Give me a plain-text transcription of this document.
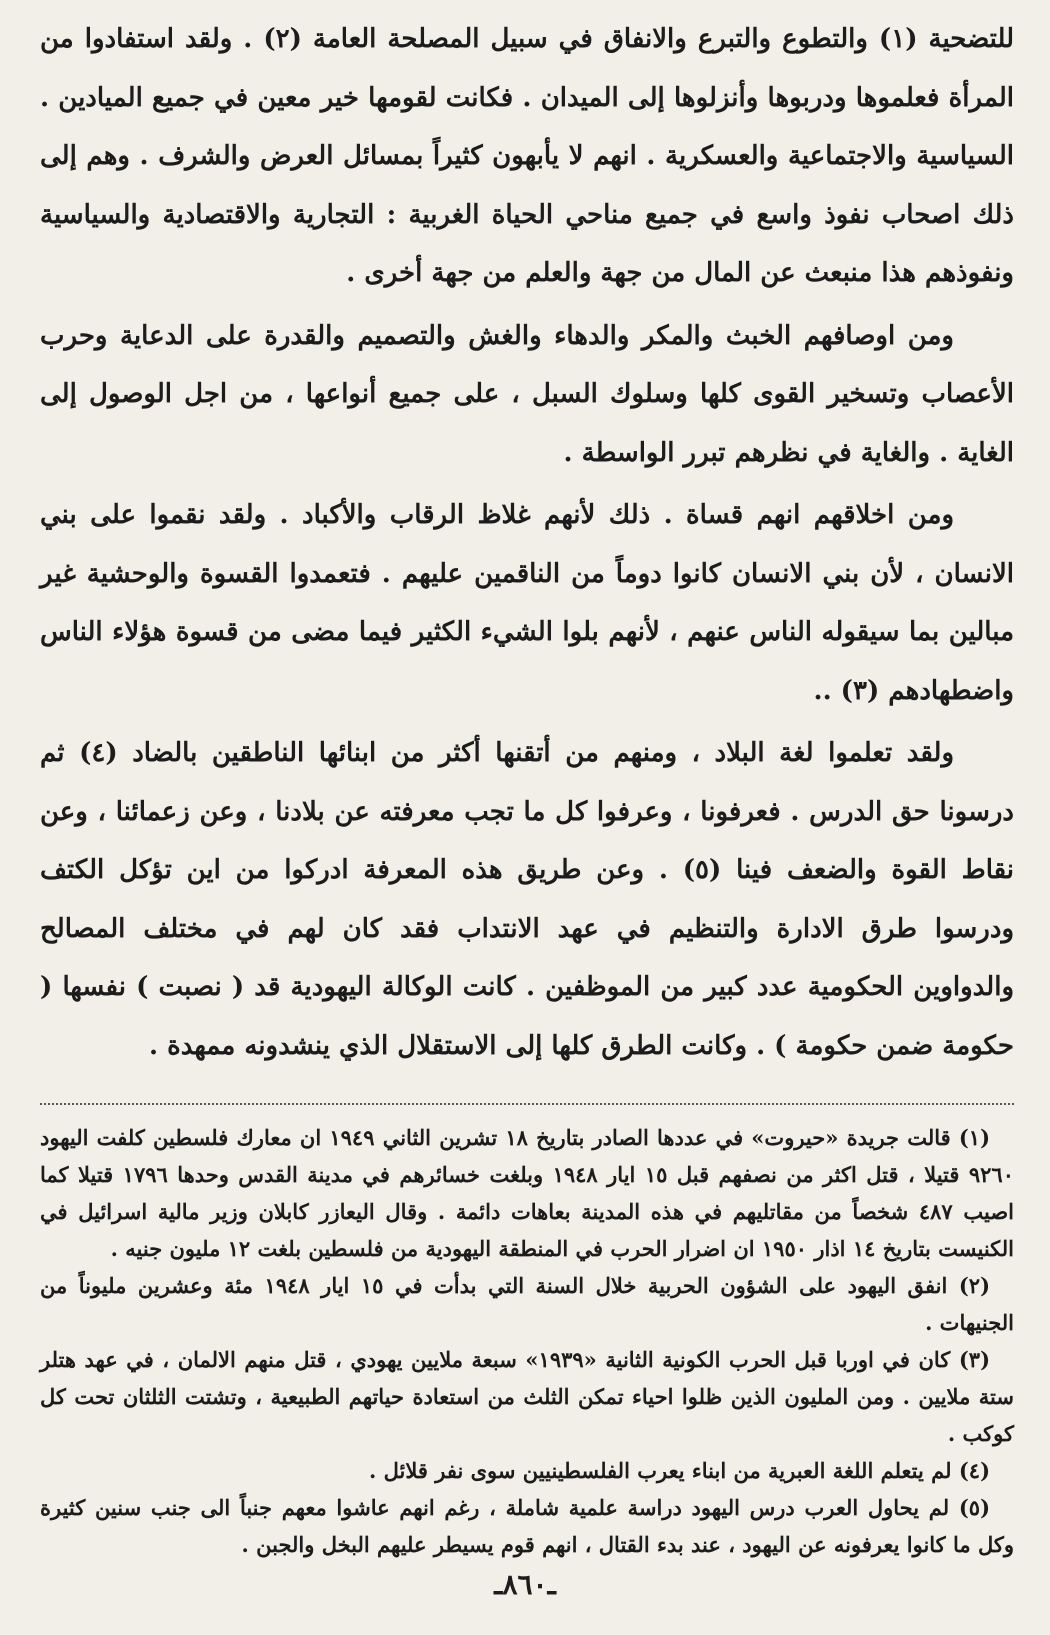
للتضحية (١) والتطوع والتبرع والانفاق في سبيل المصلحة العامة (٢) . ولقد استفادوا من المرأة فعلموها ودربوها وأنزلوها إلى الميدان . فكانت لقومها خير معين في جميع الميادين . السياسية والاجتماعية والعسكرية . انهم لا يأبهون كثيراً بمسائل العرض والشرف . وهم إلى ذلك اصحاب نفوذ واسع في جميع مناحي الحياة الغربية : التجارية والاقتصادية والسياسية ونفوذهم هذا منبعث عن المال من جهة والعلم من جهة أخرى .

ومن اوصافهم الخبث والمكر والدهاء والغش والتصميم والقدرة على الدعاية وحرب الأعصاب وتسخير القوى كلها وسلوك السبل ، على جميع أنواعها ، من اجل الوصول إلى الغاية . والغاية في نظرهم تبرر الواسطة .

ومن اخلاقهم انهم قساة . ذلك لأنهم غلاظ الرقاب والأكباد . ولقد نقموا على بني الانسان ، لأن بني الانسان كانوا دوماً من الناقمين عليهم . فتعمدوا القسوة والوحشية غير مبالين بما سيقوله الناس عنهم ، لأنهم بلوا الشيء الكثير فيما مضى من قسوة هؤلاء الناس واضطهادهم (٣) ..

ولقد تعلموا لغة البلاد ، ومنهم من أتقنها أكثر من ابنائها الناطقين بالضاد (٤) ثم درسونا حق الدرس . فعرفونا ، وعرفوا كل ما تجب معرفته عن بلادنا ، وعن زعمائنا ، وعن نقاط القوة والضعف فينا (٥) . وعن طريق هذه المعرفة ادركوا من اين تؤكل الكتف ودرسوا طرق الادارة والتنظيم في عهد الانتداب فقد كان لهم في مختلف المصالح والدواوين الحكومية عدد كبير من الموظفين . كانت الوكالة اليهودية قد ( نصبت ) نفسها ( حكومة ضمن حكومة ) . وكانت الطرق كلها إلى الاستقلال الذي ينشدونه ممهدة .

(١) قالت جريدة «حيروت» في عددها الصادر بتاريخ ١٨ تشرين الثاني ١٩٤٩ ان معارك فلسطين كلفت اليهود ٩٢٦٠ قتيلا ، قتل اكثر من نصفهم قبل ١٥ ايار ١٩٤٨ وبلغت خسائرهم في مدينة القدس وحدها ١٧٩٦ قتيلا كما اصيب ٤٨٧ شخصاً من مقاتليهم في هذه المدينة بعاهات دائمة . وقال اليعازر كابلان وزير مالية اسرائيل في الكنيست بتاريخ ١٤ اذار ١٩٥٠ ان اضرار الحرب في المنطقة اليهودية من فلسطين بلغت ١٢ مليون جنيه .

(٢) انفق اليهود على الشؤون الحربية خلال السنة التي بدأت في ١٥ ايار ١٩٤٨ مئة وعشرين مليوناً من الجنيهات .

(٣) كان في اوربا قبل الحرب الكونية الثانية «١٩٣٩» سبعة ملايين يهودي ، قتل منهم الالمان ، في عهد هتلر ستة ملايين . ومن المليون الذين ظلوا احياء تمكن الثلث من استعادة حياتهم الطبيعية ، وتشتت الثلثان تحت كل كوكب .

(٤) لم يتعلم اللغة العبرية من ابناء يعرب الفلسطينيين سوى نفر قلائل .

(٥) لم يحاول العرب درس اليهود دراسة علمية شاملة ، رغم انهم عاشوا معهم جنباً الى جنب سنين كثيرة وكل ما كانوا يعرفونه عن اليهود ، عند بدء القتال ، انهم قوم يسيطر عليهم البخل والجبن .

ـ٨٦٠ـ
